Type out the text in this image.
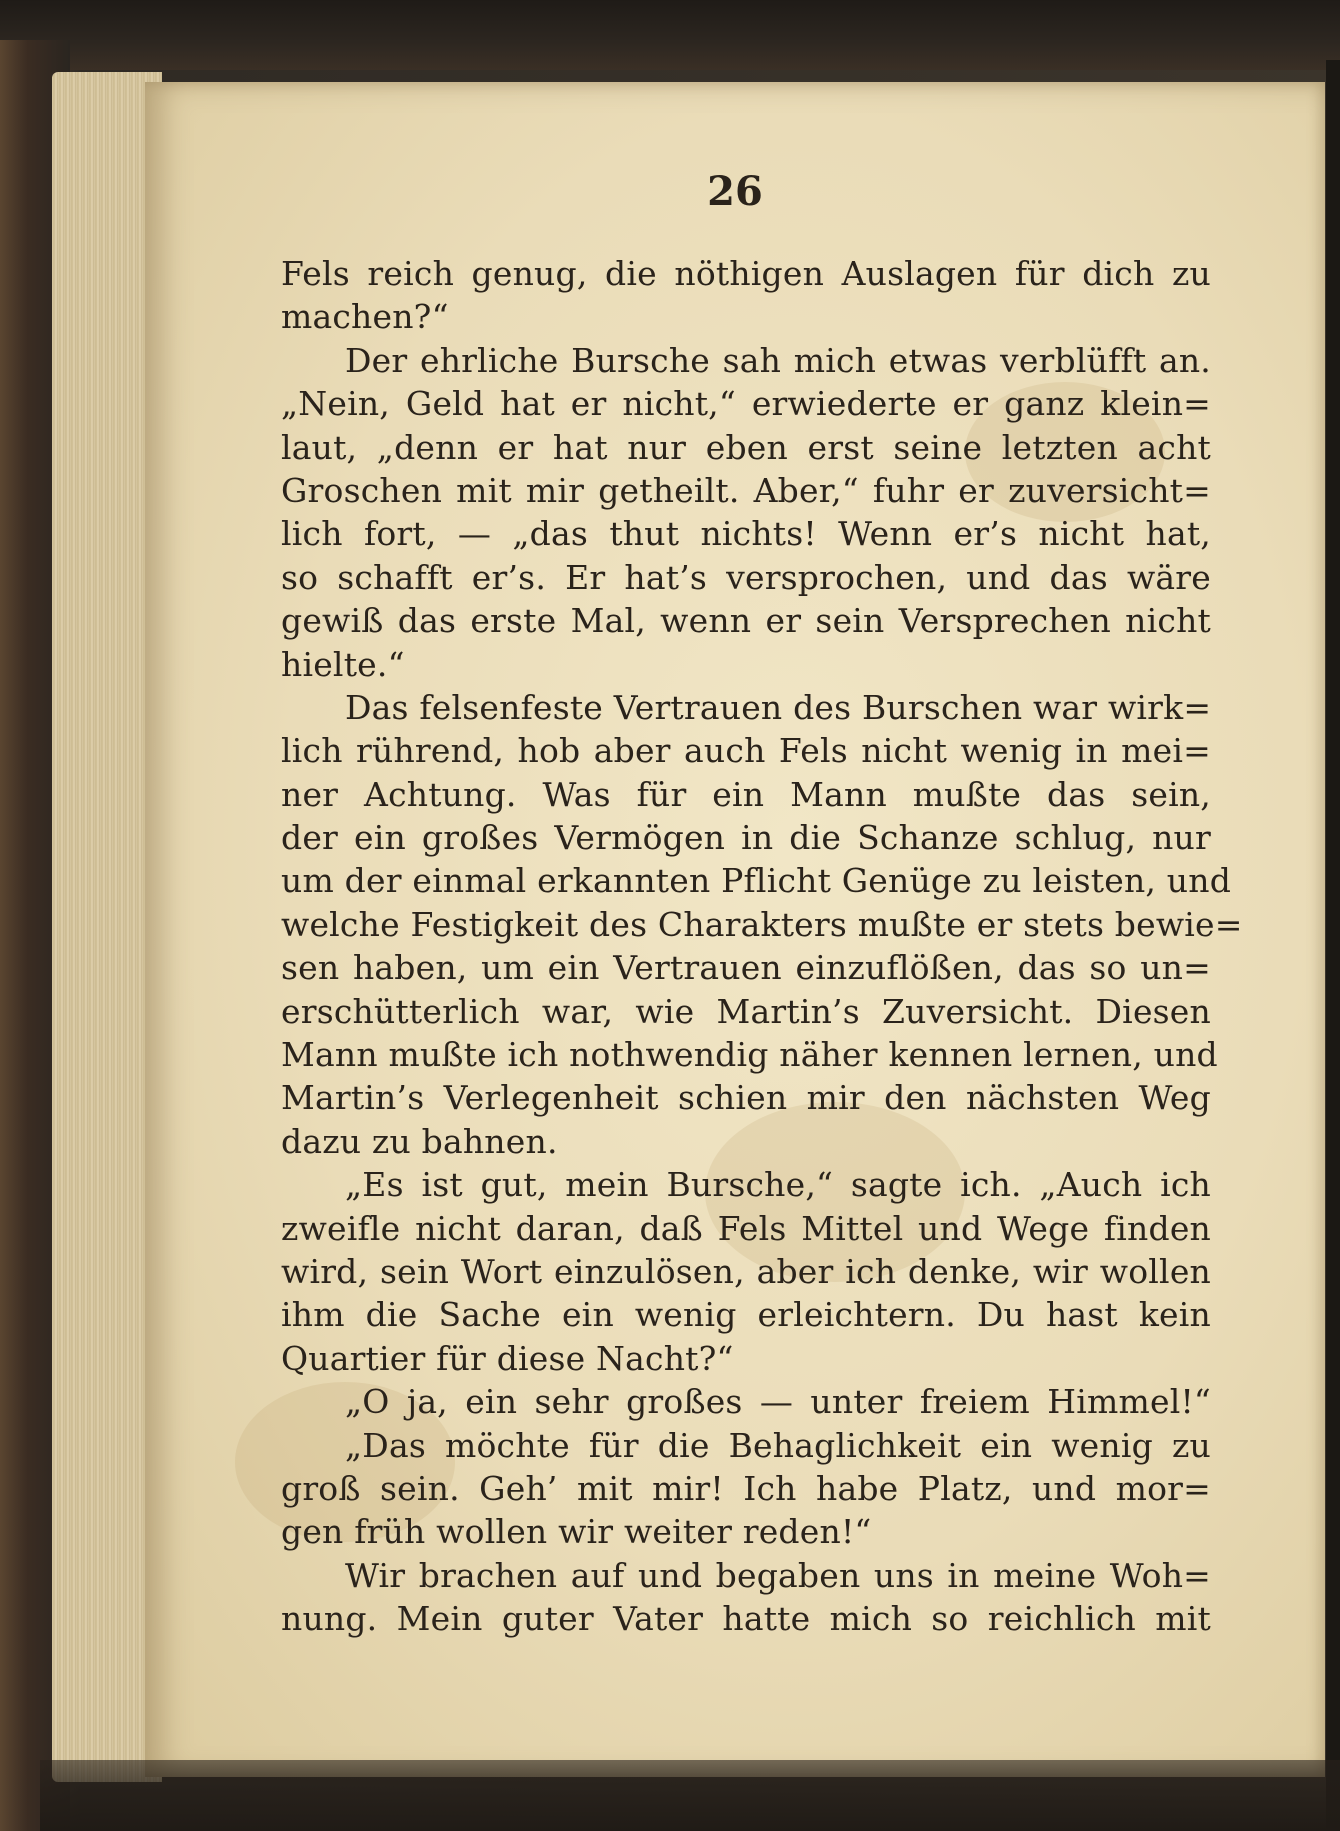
26
Fels reich genug, die nöthigen Auslagen für dich zu
machen?“
Der ehrliche Bursche sah mich etwas verblüfft an.
„Nein, Geld hat er nicht,“ erwiederte er ganz klein=
laut, „denn er hat nur eben erst seine letzten acht
Groschen mit mir getheilt. Aber,“ fuhr er zuversicht=
lich fort, — „das thut nichts! Wenn er’s nicht hat,
so schafft er’s. Er hat’s versprochen, und das wäre
gewiß das erste Mal, wenn er sein Versprechen nicht
hielte.“
Das felsenfeste Vertrauen des Burschen war wirk=
lich rührend, hob aber auch Fels nicht wenig in mei=
ner Achtung. Was für ein Mann mußte das sein,
der ein großes Vermögen in die Schanze schlug, nur
um der einmal erkannten Pflicht Genüge zu leisten, und
welche Festigkeit des Charakters mußte er stets bewie=
sen haben, um ein Vertrauen einzuflößen, das so un=
erschütterlich war, wie Martin’s Zuversicht. Diesen
Mann mußte ich nothwendig näher kennen lernen, und
Martin’s Verlegenheit schien mir den nächsten Weg
dazu zu bahnen.
„Es ist gut, mein Bursche,“ sagte ich. „Auch ich
zweifle nicht daran, daß Fels Mittel und Wege finden
wird, sein Wort einzulösen, aber ich denke, wir wollen
ihm die Sache ein wenig erleichtern. Du hast kein
Quartier für diese Nacht?“
„O ja, ein sehr großes — unter freiem Himmel!“
„Das möchte für die Behaglichkeit ein wenig zu
groß sein. Geh’ mit mir! Ich habe Platz, und mor=
gen früh wollen wir weiter reden!“
Wir brachen auf und begaben uns in meine Woh=
nung. Mein guter Vater hatte mich so reichlich mit
